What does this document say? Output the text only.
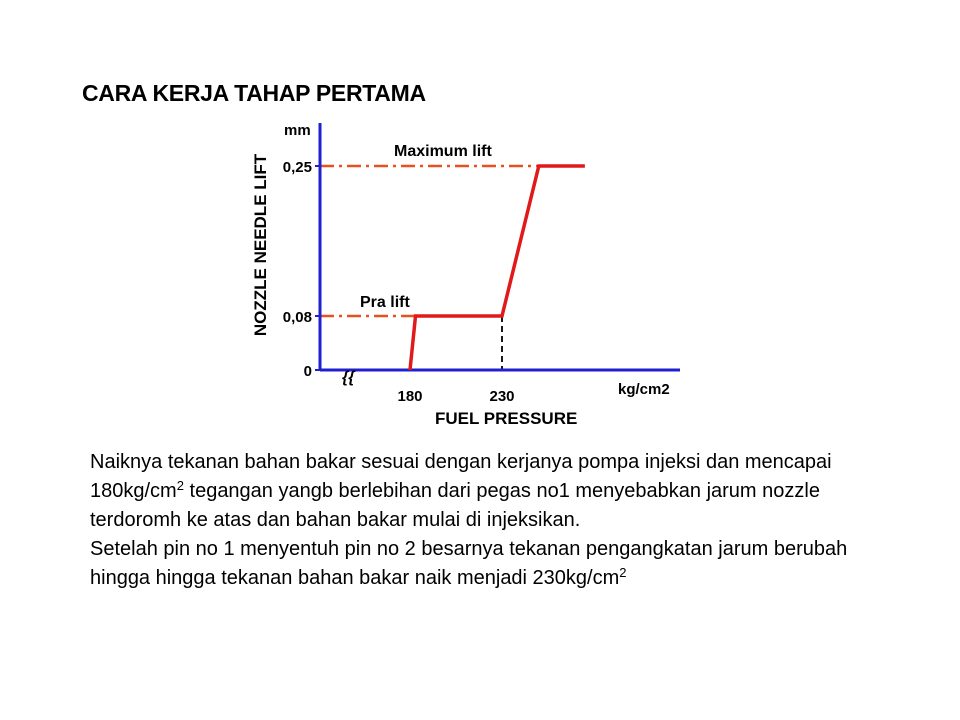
CARA KERJA TAHAP PERTAMA
mm
kg/cm2
FUEL PRESSURE
NOZZLE NEEDLE LIFT
Maximum lift
Pra lift
{{
0
0,08
0,25
180	230

Naiknya tekanan bahan bakar sesuai dengan kerjanya pompa injeksi dan mencapai $180kg/cm^2$ tegangan yangb berlebihan dari pegas no1 menyebabkan jarum nozzle terdoromh ke atas dan bahan bakar mulai di injeksikan.

Setelah pin no 1 menyentuh pin no 2 besarnya tekanan pengangkatan jarum berubah hingga hingga tekanan bahan bakar naik menjadi $230kg/cm^2$
